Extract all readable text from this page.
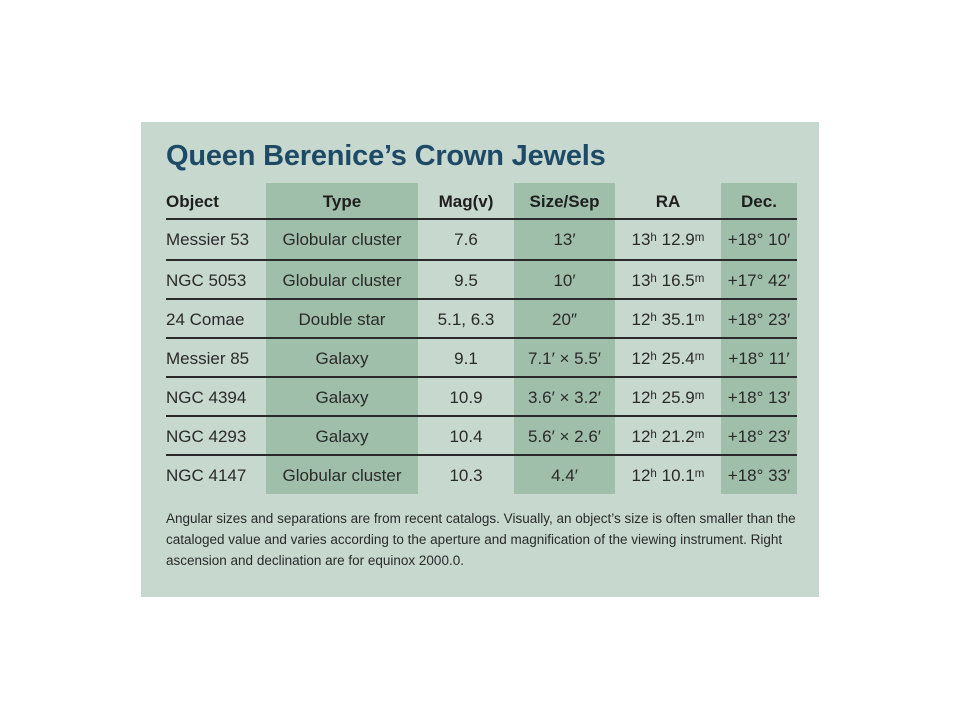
Queen Berenice’s Crown Jewels
Object	Type	Mag(v)	Size/Sep	RA	Dec.
Messier 53	Globular cluster	7.6	13′	13ʰ 12.9ᵐ	+18° 10′
NGC 5053	Globular cluster	9.5	10′	13ʰ 16.5ᵐ	+17° 42′
24 Comae	Double star	5.1, 6.3	20″	12ʰ 35.1ᵐ	+18° 23′
Messier 85	Galaxy	9.1	7.1′ × 5.5′	12ʰ 25.4ᵐ	+18° 11′
NGC 4394	Galaxy	10.9	3.6′ × 3.2′	12ʰ 25.9ᵐ	+18° 13′
NGC 4293	Galaxy	10.4	5.6′ × 2.6′	12ʰ 21.2ᵐ	+18° 23′
NGC 4147	Globular cluster	10.3	4.4′	12ʰ 10.1ᵐ	+18° 33′
Angular sizes and separations are from recent catalogs. Visually, an object’s size is often smaller than the cataloged value and varies according to the aperture and magnification of the viewing instrument. Right ascension and declination are for equinox 2000.0.
